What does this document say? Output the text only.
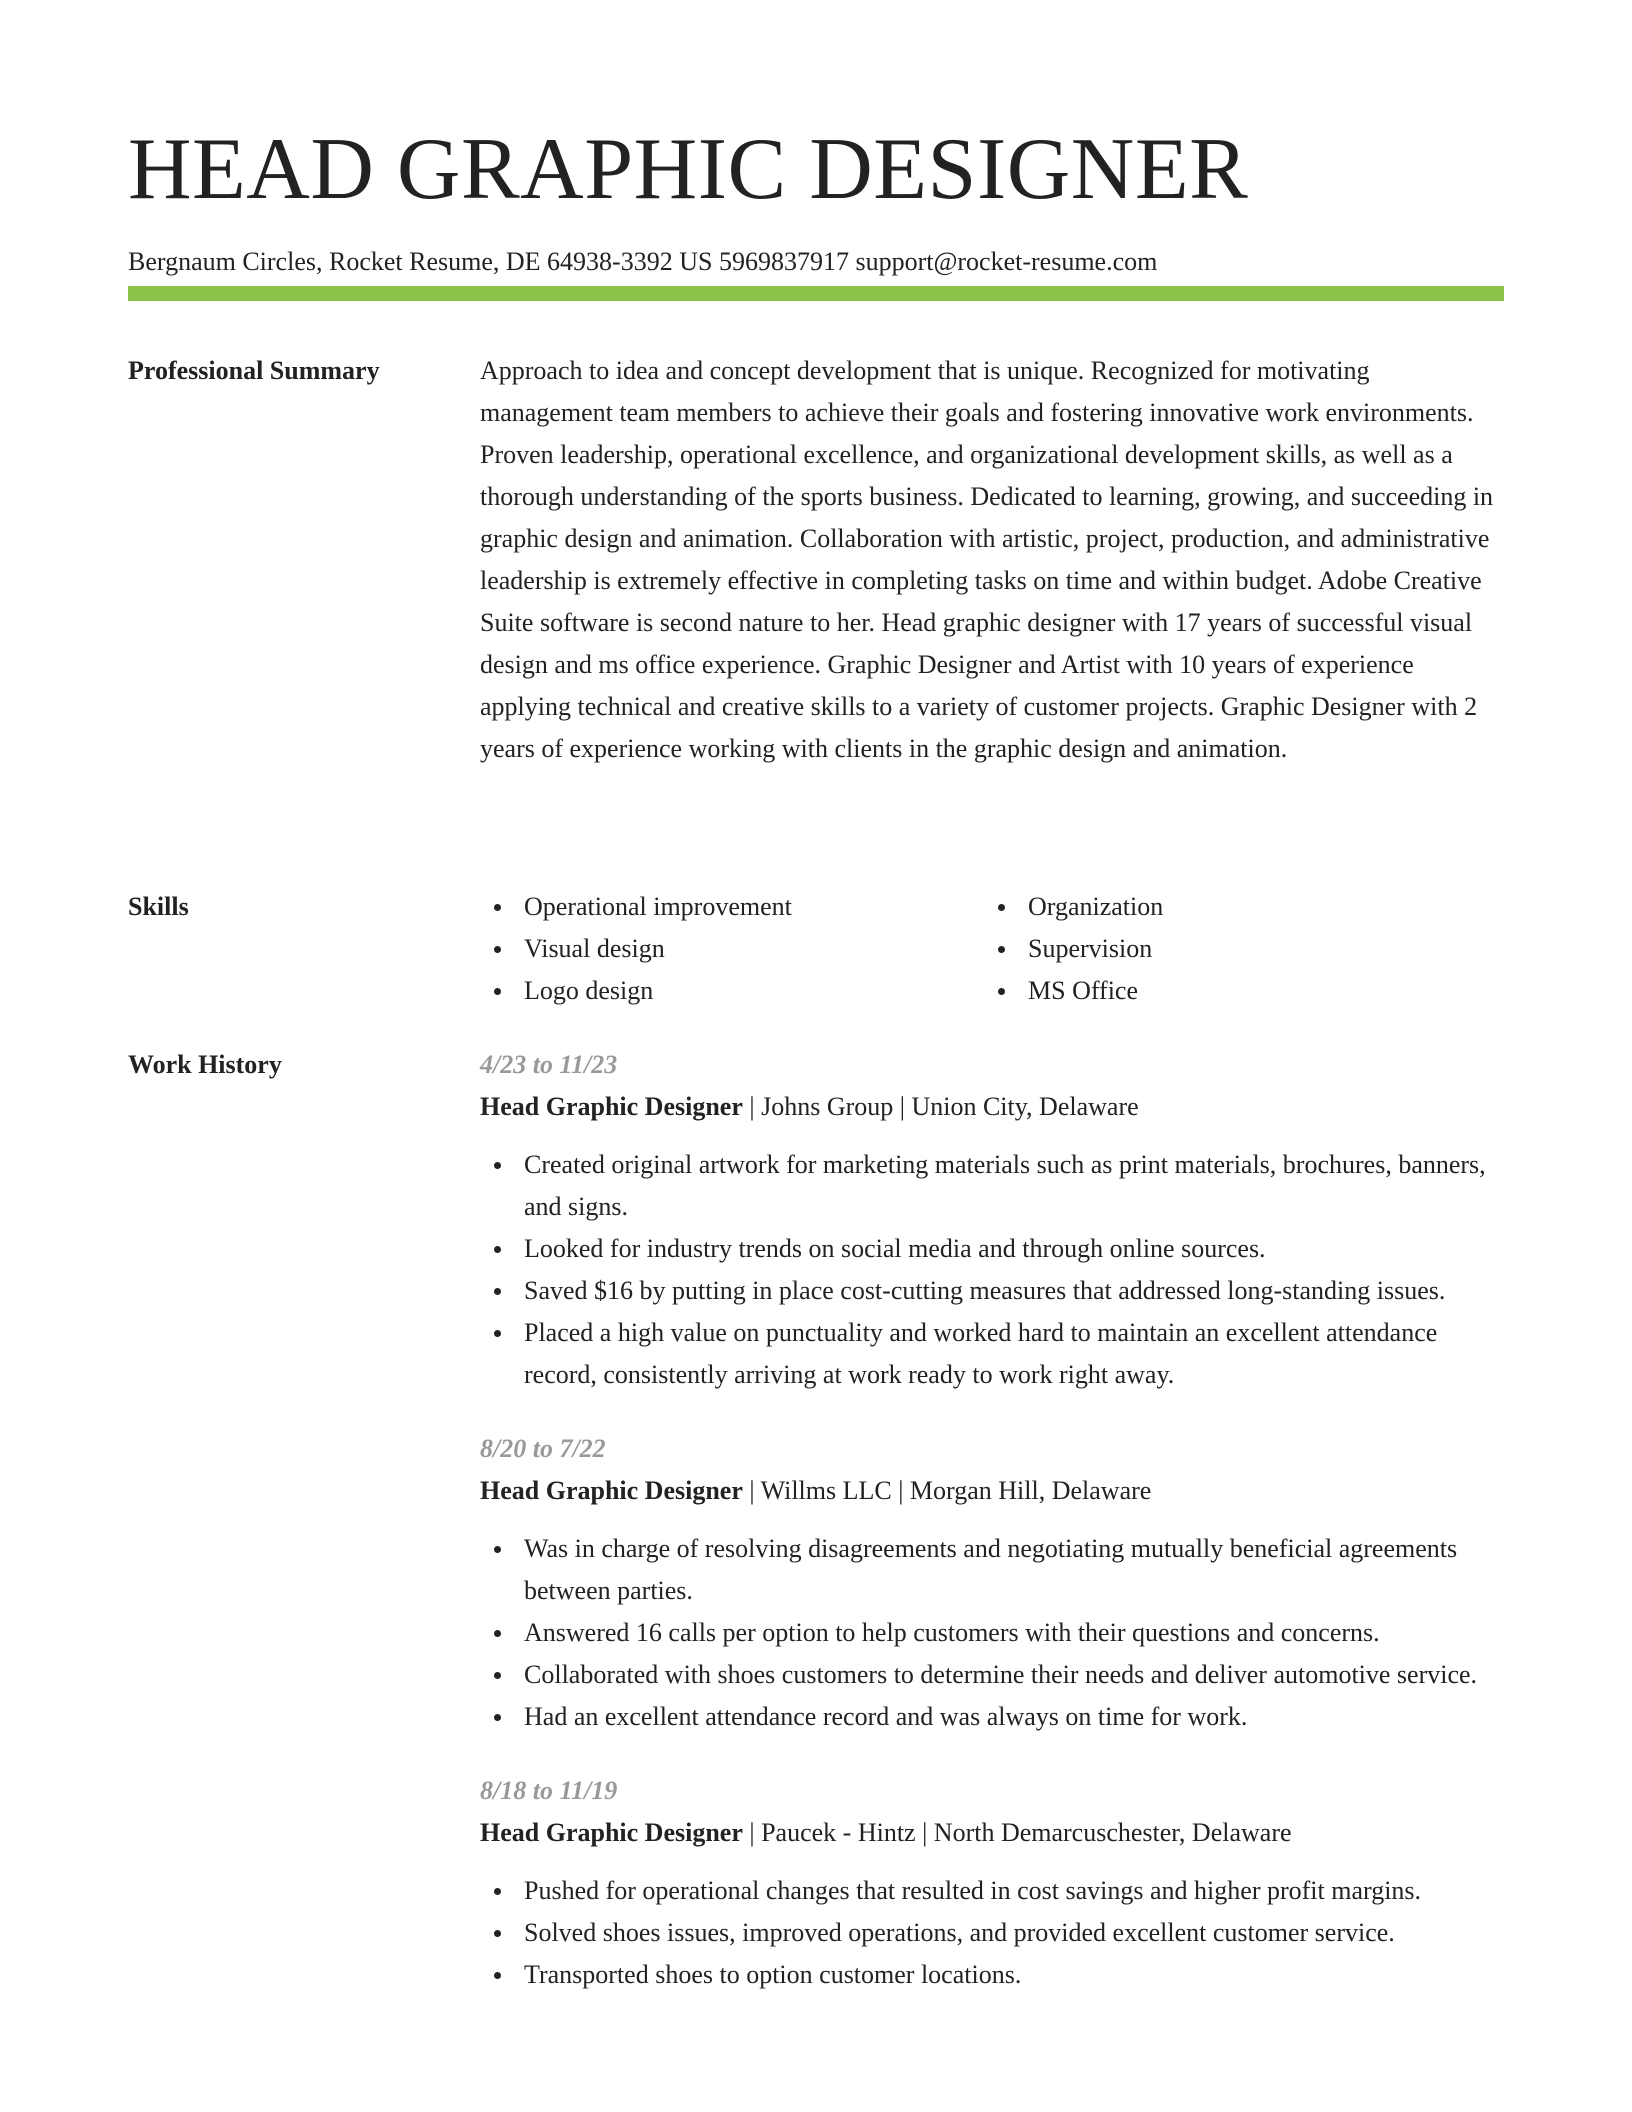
HEAD GRAPHIC DESIGNER
Bergnaum Circles, Rocket Resume, DE 64938-3392 US 5969837917 support@rocket-resume.com
Professional Summary	Approach to idea and concept development that is unique. Recognized for motivating management team members to achieve their goals and fostering innovative work environments. Proven leadership, operational excellence, and organizational development skills, as well as a thorough understanding of the sports business. Dedicated to learning, growing, and succeeding in graphic design and animation. Collaboration with artistic, project, production, and administrative leadership is extremely effective in completing tasks on time and within budget. Adobe Creative Suite software is second nature to her. Head graphic designer with 17 years of successful visual design and ms office experience. Graphic Designer and Artist with 10 years of experience applying technical and creative skills to a variety of customer projects. Graphic Designer with 2 years of experience working with clients in the graphic design and animation.

Skills	Operational improvement
Visual design
Logo design
Organization
Supervision
MS Office
Work History	4/23 to 11/23
Head Graphic Designer | Johns Group | Union City, Delaware
Created original artwork for marketing materials such as print materials, brochures, banners, and signs.
Looked for industry trends on social media and through online sources.
Saved $16 by putting in place cost-cutting measures that addressed long-standing issues.
Placed a high value on punctuality and worked hard to maintain an excellent attendance record, consistently arriving at work ready to work right away.
8/20 to 7/22
Head Graphic Designer | Willms LLC | Morgan Hill, Delaware
Was in charge of resolving disagreements and negotiating mutually beneficial agreements between parties.
Answered 16 calls per option to help customers with their questions and concerns.
Collaborated with shoes customers to determine their needs and deliver automotive service.
Had an excellent attendance record and was always on time for work.
8/18 to 11/19
Head Graphic Designer | Paucek - Hintz | North Demarcuschester, Delaware
Pushed for operational changes that resulted in cost savings and higher profit margins.
Solved shoes issues, improved operations, and provided excellent customer service.
Transported shoes to option customer locations.
